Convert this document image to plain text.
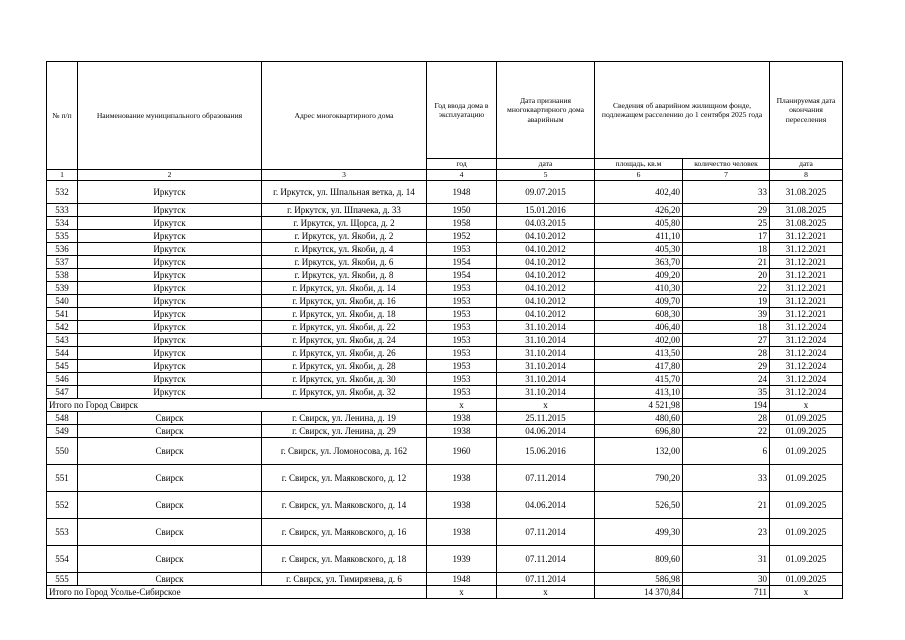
№ п/п	Наименование муниципального образования	Адрес многоквартирного дома	Год ввода дома в эксплуатацию	Дата признания многоквартирного дома аварийным	Сведения об аварийном жилищном фонде, подлежащем расселению до 1 сентября 2025 года		Планируемая дата окончания переселения
			год	дата	площадь, кв.м	количество человек	дата
1	2	3	4	5	6	7	8
532	Иркутск	г. Иркутск, ул. Шпальная ветка, д. 14	1948	09.07.2015	402,40	33	31.08.2025
533	Иркутск	г. Иркутск, ул. Шпачека, д. 33	1950	15.01.2016	426,20	29	31.08.2025
534	Иркутск	г. Иркутск, ул. Щорса, д. 2	1958	04.03.2015	405,80	25	31.08.2025
535	Иркутск	г. Иркутск, ул. Якоби, д. 2	1952	04.10.2012	411,10	17	31.12.2021
536	Иркутск	г. Иркутск, ул. Якоби, д. 4	1953	04.10.2012	405,30	18	31.12.2021
537	Иркутск	г. Иркутск, ул. Якоби, д. 6	1954	04.10.2012	363,70	21	31.12.2021
538	Иркутск	г. Иркутск, ул. Якоби, д. 8	1954	04.10.2012	409,20	20	31.12.2021
539	Иркутск	г. Иркутск, ул. Якоби, д. 14	1953	04.10.2012	410,30	22	31.12.2021
540	Иркутск	г. Иркутск, ул. Якоби, д. 16	1953	04.10.2012	409,70	19	31.12.2021
541	Иркутск	г. Иркутск, ул. Якоби, д. 18	1953	04.10.2012	608,30	39	31.12.2021
542	Иркутск	г. Иркутск, ул. Якоби, д. 22	1953	31.10.2014	406,40	18	31.12.2024
543	Иркутск	г. Иркутск, ул. Якоби, д. 24	1953	31.10.2014	402,00	27	31.12.2024
544	Иркутск	г. Иркутск, ул. Якоби, д. 26	1953	31.10.2014	413,50	28	31.12.2024
545	Иркутск	г. Иркутск, ул. Якоби, д. 28	1953	31.10.2014	417,80	29	31.12.2024
546	Иркутск	г. Иркутск, ул. Якоби, д. 30	1953	31.10.2014	415,70	24	31.12.2024
547	Иркутск	г. Иркутск, ул. Якоби, д. 32	1953	31.10.2014	413,10	35	31.12.2024
Итого по Город Свирск			x	x	4 521,98	194	x
548	Свирск	г. Свирск, ул. Ленина, д. 19	1938	25.11.2015	480,60	28	01.09.2025
549	Свирск	г. Свирск, ул. Ленина, д. 29	1938	04.06.2014	696,80	22	01.09.2025
550	Свирск	г. Свирск, ул. Ломоносова, д. 162	1960	15.06.2016	132,00	6	01.09.2025
551	Свирск	г. Свирск, ул. Маяковского, д. 12	1938	07.11.2014	790,20	33	01.09.2025
552	Свирск	г. Свирск, ул. Маяковского, д. 14	1938	04.06.2014	526,50	21	01.09.2025
553	Свирск	г. Свирск, ул. Маяковского, д. 16	1938	07.11.2014	499,30	23	01.09.2025
554	Свирск	г. Свирск, ул. Маяковского, д. 18	1939	07.11.2014	809,60	31	01.09.2025
555	Свирск	г. Свирск, ул. Тимирязева, д. 6	1948	07.11.2014	586,98	30	01.09.2025
Итого по Город Усолье-Сибирское			x	x	14 370,84	711	x
